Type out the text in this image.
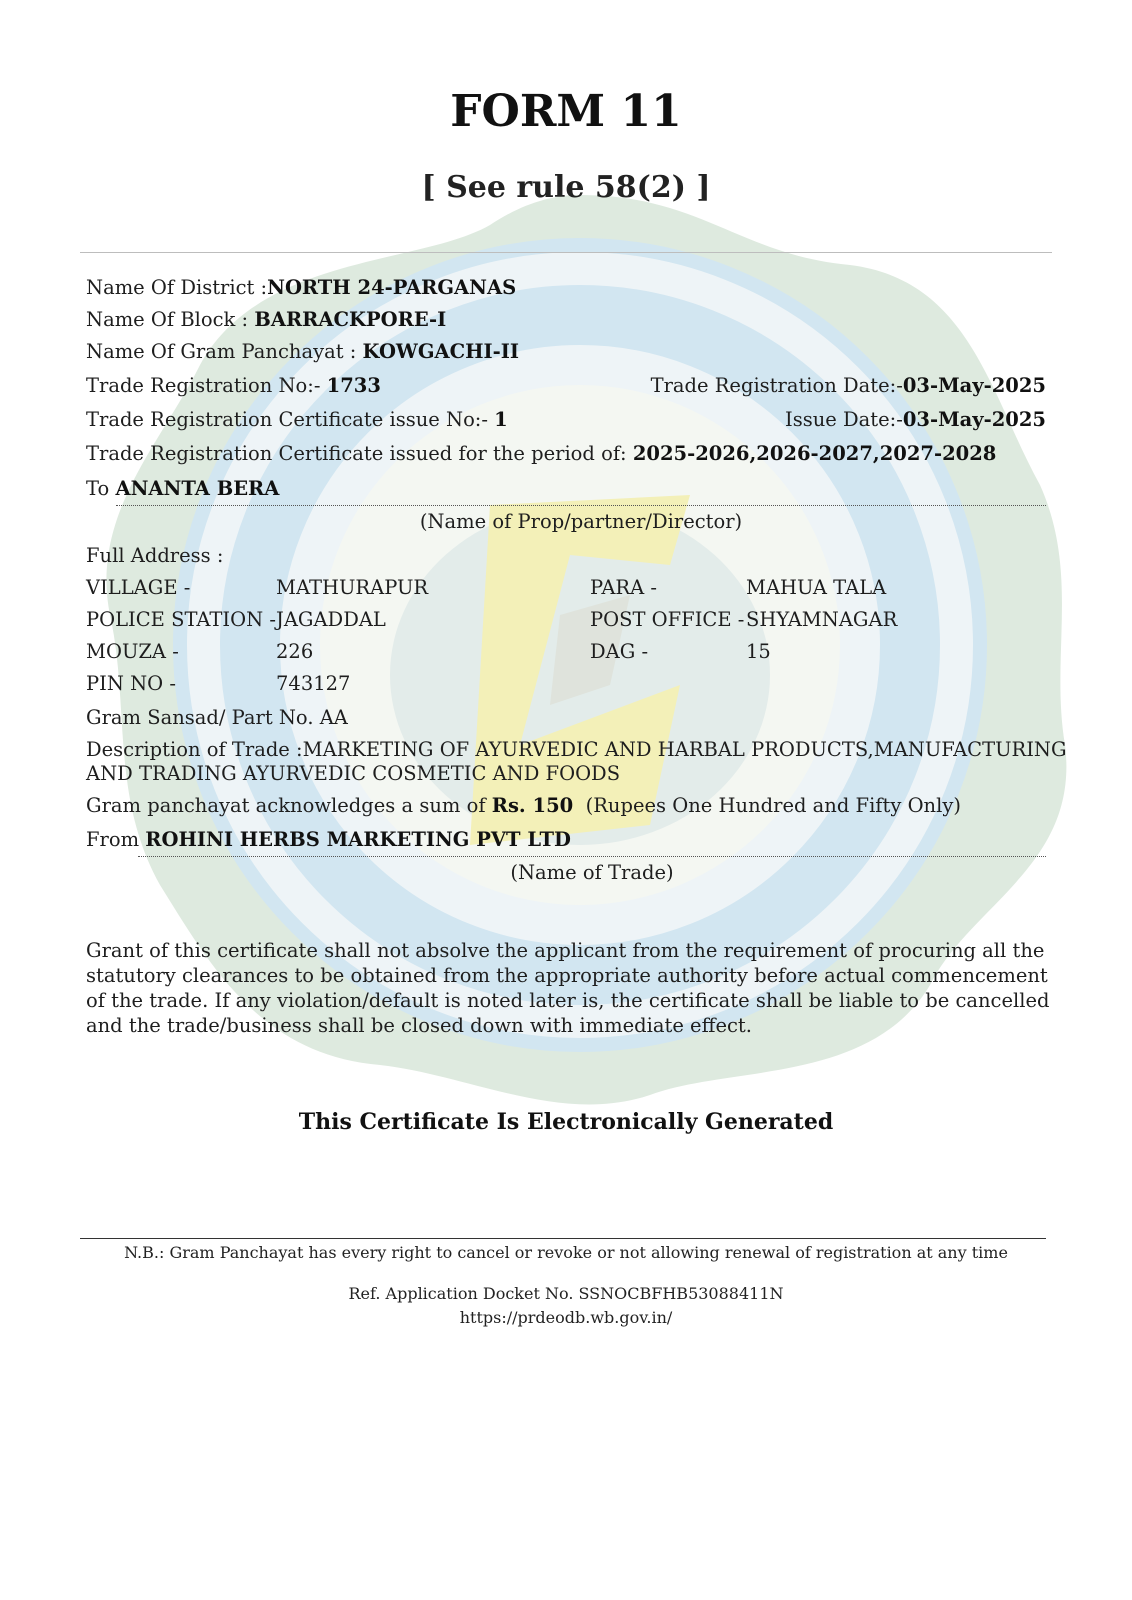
FORM 11
[ See rule 58(2) ]
Name Of District :NORTH 24-PARGANAS
Name Of Block : BARRACKPORE-I
Name Of Gram Panchayat : KOWGACHI-II
Trade Registration No:- 1733	Trade Registration Date:-03-May-2025
Trade Registration Certificate issue No:- 1	Issue Date:-03-May-2025
Trade Registration Certificate issued for the period of: 2025-2026,2026-2027,2027-2028
To ANANTA BERA
(Name of Prop/partner/Director)
Full Address :
VILLAGE -	MATHURAPUR	PARA -	MAHUA TALA
POLICE STATION - JAGADDAL	POST OFFICE - SHYAMNAGAR
MOUZA -	226	DAG -	15
PIN NO -	743127
Gram Sansad/ Part No. AA
Description of Trade :MARKETING OF AYURVEDIC AND HARBAL PRODUCTS,MANUFACTURING
AND TRADING AYURVEDIC COSMETIC AND FOODS
Gram panchayat acknowledges a sum of Rs. 150 (Rupees One Hundred and Fifty Only)
From ROHINI HERBS MARKETING PVT LTD
(Name of Trade)
Grant of this certificate shall not absolve the applicant from the requirement of procuring all the statutory clearances to be obtained from the appropriate authority before actual commencement of the trade. If any violation/default is noted later is, the certificate shall be liable to be cancelled and the trade/business shall be closed down with immediate effect.
This Certificate Is Electronically Generated
N.B.: Gram Panchayat has every right to cancel or revoke or not allowing renewal of registration at any time
Ref. Application Docket No. SSNOCBFHB53088411N
https://prdeodb.wb.gov.in/
